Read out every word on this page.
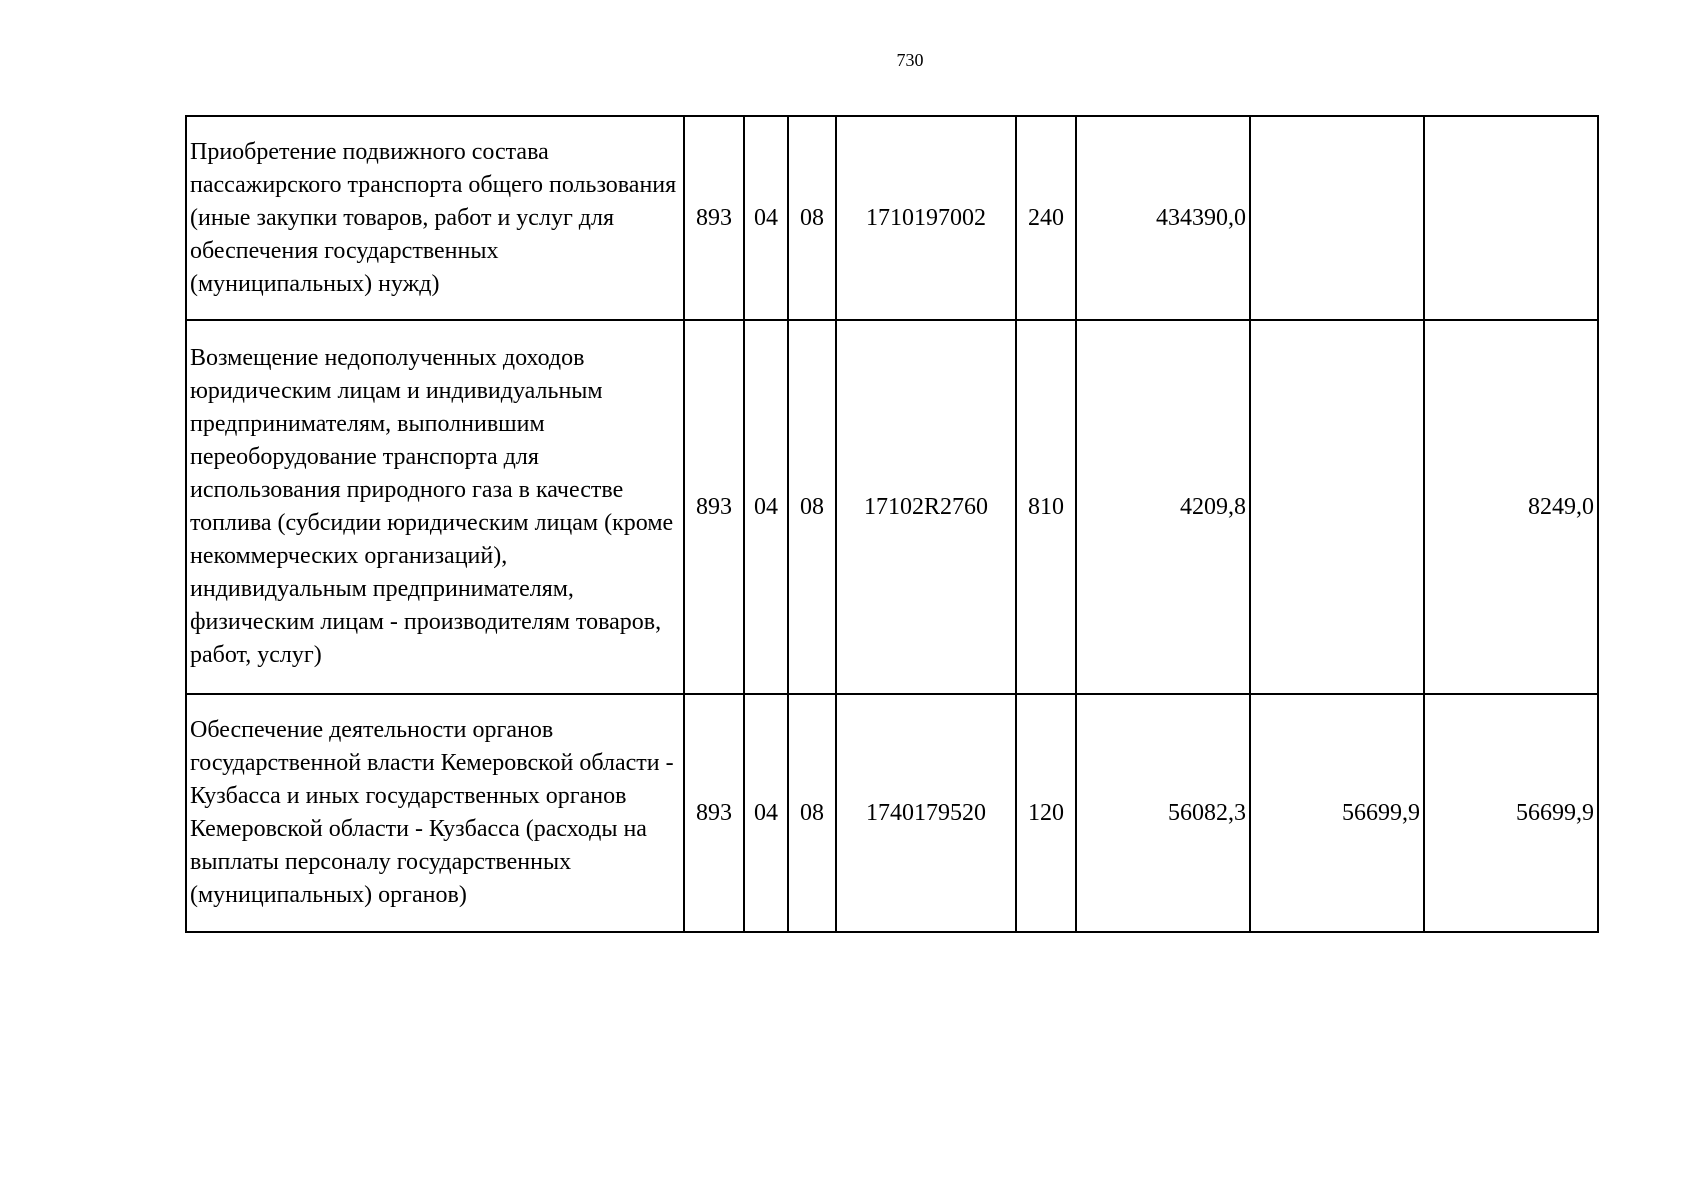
730
Приобретение подвижного состава пассажирского транспорта общего пользования (иные закупки товаров, работ и услуг для обеспечения государственных (муниципальных) нужд)	893	04	08	1710197002	240	434390,0		
Возмещение недополученных доходов юридическим лицам и индивидуальным предпринимателям, выполнившим переоборудование транспорта для использования природного газа в качестве топлива (субсидии юридическим лицам (кроме некоммерческих организаций), индивидуальным предпринимателям, физическим лицам - производителям товаров, работ, услуг)	893	04	08	17102R2760	810	4209,8		8249,0
Обеспечение деятельности органов государственной власти Кемеровской области - Кузбасса и иных государственных органов Кемеровской области - Кузбасса (расходы на выплаты персоналу государственных (муниципальных) органов)	893	04	08	1740179520	120	56082,3	56699,9	56699,9
